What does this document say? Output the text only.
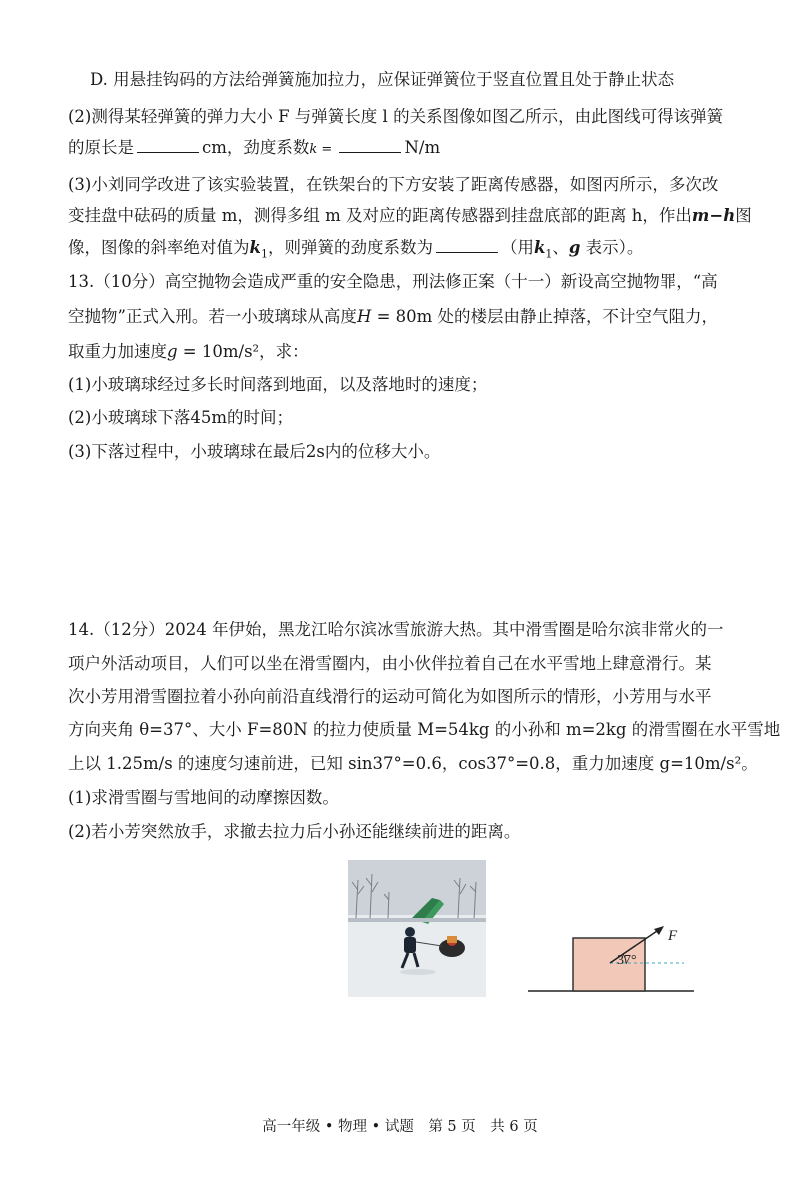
D. 用悬挂钩码的方法给弹簧施加拉力，应保证弹簧位于竖直位置且处于静止状态
(2)测得某轻弹簧的弹力大小 F 与弹簧长度 l 的关系图像如图乙所示，由此图线可得该弹簧
的原长是	cm，劲度系数k =	N/m
(3)小刘同学改进了该实验装置，在铁架台的下方安装了距离传感器，如图丙所示，多次改
变挂盘中砝码的质量 m，测得多组 m 及对应的距离传感器到挂盘底部的距离 h，作出m−h图
像，图像的斜率绝对值为$k_1$，则弹簧的劲度系数为	（用$k_1$、g 表示）。
13.（10分）高空抛物会造成严重的安全隐患，刑法修正案（十一）新设高空抛物罪，“高
空抛物”正式入刑。若一小玻璃球从高度H = 80m 处的楼层由静止掉落，不计空气阻力，
取重力加速度g = 10m/s²，求：
(1)小玻璃球经过多长时间落到地面，以及落地时的速度；
(2)小玻璃球下落45m的时间；
(3)下落过程中，小玻璃球在最后2s内的位移大小。
14.（12分）2024 年伊始，黑龙江哈尔滨冰雪旅游大热。其中滑雪圈是哈尔滨非常火的一
项户外活动项目，人们可以坐在滑雪圈内，由小伙伴拉着自己在水平雪地上肆意滑行。某
次小芳用滑雪圈拉着小孙向前沿直线滑行的运动可简化为如图所示的情形，小芳用与水平
方向夹角 θ=37°、大小 F=80N 的拉力使质量 M=54kg 的小孙和 m=2kg 的滑雪圈在水平雪地
上以 1.25m/s 的速度匀速前进，已知 sin37°=0.6，cos37°=0.8，重力加速度 g=10m/s²。
(1)求滑雪圈与雪地间的动摩擦因数。
(2)若小芳突然放手，求撤去拉力后小孙还能继续前进的距离。
F
37°
高一年级 • 物理 • 试题　第 5 页　共 6 页
